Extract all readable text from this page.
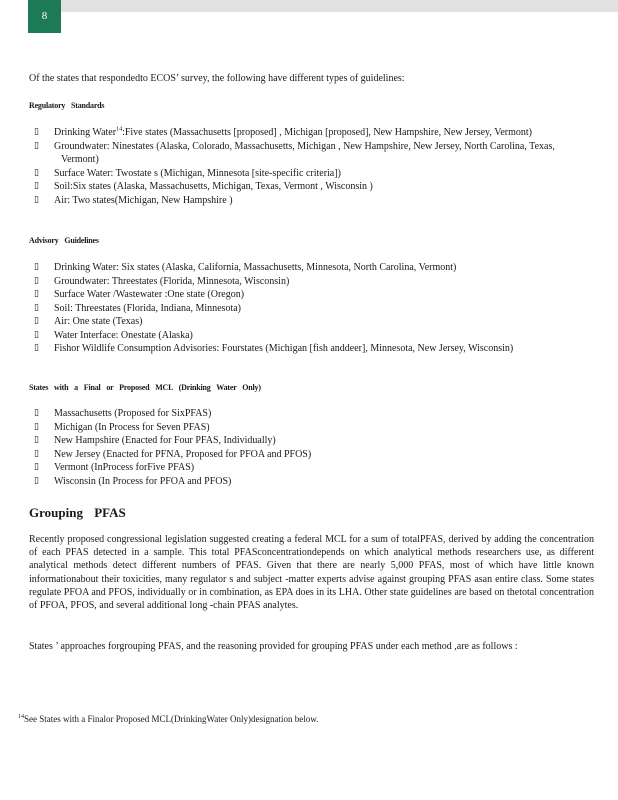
8

Of the states that respondedto ECOS’ survey, the following have different types of guidelines:

Regulatory Standards
▯ Drinking Water$^{14}$:Five states (Massachusetts [proposed] , Michigan [proposed], New Hampshire, New Jersey, Vermont)
▯ Groundwater: Ninestates (Alaska, Colorado, Massachusetts, Michigan , New Hampshire, New Jersey, North Carolina, Texas, Vermont)
▯ Surface Water: Twostate s (Michigan, Minnesota [site-specific criteria])
▯ Soil:Six states (Alaska, Massachusetts, Michigan, Texas, Vermont , Wisconsin )
▯ Air: Two states(Michigan, New Hampshire )
Advisory Guidelines
▯ Drinking Water: Six states (Alaska, California, Massachusetts, Minnesota, North Carolina, Vermont)
▯ Groundwater: Threestates (Florida, Minnesota, Wisconsin)
▯ Surface Water /Wastewater :One state (Oregon)
▯ Soil: Threestates (Florida, Indiana, Minnesota)
▯ Air: One state (Texas)
▯ Water Interface: Onestate (Alaska)
▯ Fishor Wildlife Consumption Advisories: Fourstates (Michigan [fish anddeer], Minnesota, New Jersey, Wisconsin)
States with a Final or Proposed MCL (Drinking Water Only)
▯ Massachusetts (Proposed for SixPFAS)
▯ Michigan (In Process for Seven PFAS)
▯ New Hampshire (Enacted for Four PFAS, Individually)
▯ New Jersey (Enacted for PFNA, Proposed for PFOA and PFOS)
▯ Vermont (InProcess forFive PFAS)
▯ Wisconsin (In Process for PFOA and PFOS)
Grouping PFAS

Recently proposed congressional legislation suggested creating a federal MCL for a sum of totalPFAS, derived by adding the concentration of each PFAS detected in a sample. This total PFASconcentrationdepends on which analytical methods researchers use, as different analytical methods detect different numbers of PFAS. Given that there are nearly 5,000 PFAS, most of which have little known informationabout their toxicities, many regulator s and subject -matter experts advise against grouping PFAS asan entire class. Some states regulate PFOA and PFOS, individually or in combination, as EPA does in its LHA. Other state guidelines are based on thetotal concentration of PFOA, PFOS, and several additional long -chain PFAS analytes.

States ’ approaches forgrouping PFAS, and the reasoning provided for grouping PFAS under each method ,are as follows :

$^{14}$See States with a Finalor Proposed MCL(DrinkingWater Only)designation below.
